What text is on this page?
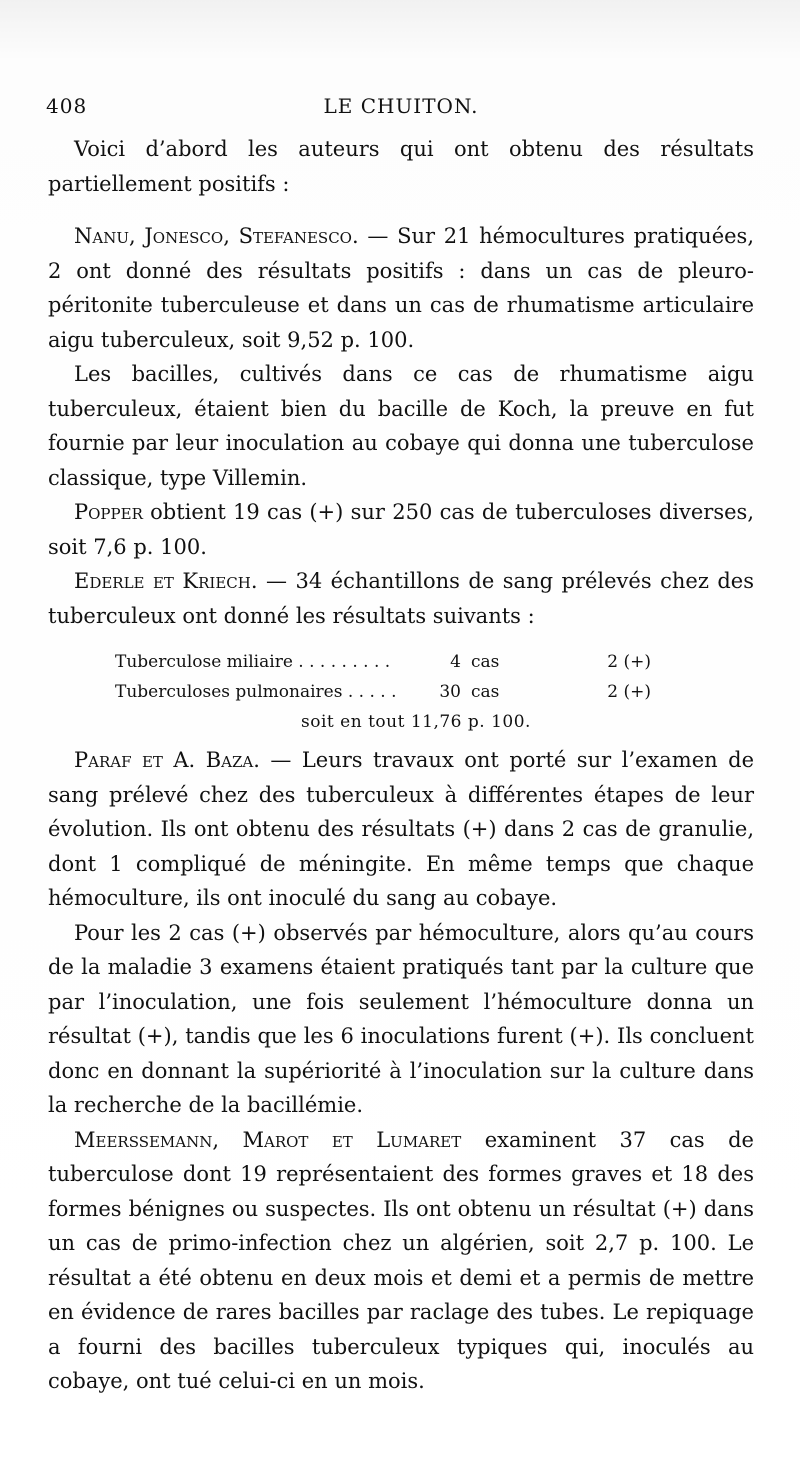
408	LE CHUITON.

Voici d’abord les auteurs qui ont obtenu des résultats partiellement positifs :

Nanu, Jonesco, Stefanesco. — Sur 21 hémocultures pratiquées, 2 ont donné des résultats positifs : dans un cas de pleuro-péritonite tuberculeuse et dans un cas de rhumatisme articulaire aigu tuberculeux, soit 9,52 p. 100.

Les bacilles, cultivés dans ce cas de rhumatisme aigu tuberculeux, étaient bien du bacille de Koch, la preuve en fut fournie par leur inoculation au cobaye qui donna une tuberculose classique, type Villemin.

Popper obtient 19 cas (+) sur 250 cas de tuberculoses diverses, soit 7,6 p. 100.

Ederle et Kriech. — 34 échantillons de sang prélevés chez des tuberculeux ont donné les résultats suivants :

Tuberculose miliaire . . .	4 cas	2 (+)
Tuberculoses pulmonaires . . .	30 cas	2 (+)
soit en tout 11,76 p. 100.

Paraf et A. Baza. — Leurs travaux ont porté sur l’examen de sang prélevé chez des tuberculeux à différentes étapes de leur évolution. Ils ont obtenu des résultats (+) dans 2 cas de granulie, dont 1 compliqué de méningite. En même temps que chaque hémoculture, ils ont inoculé du sang au cobaye.

Pour les 2 cas (+) observés par hémoculture, alors qu’au cours de la maladie 3 examens étaient pratiqués tant par la culture que par l’inoculation, une fois seulement l’hémoculture donna un résultat (+), tandis que les 6 inoculations furent (+). Ils concluent donc en donnant la supériorité à l’inoculation sur la culture dans la recherche de la bacillémie.

Meerssemann, Marot et Lumaret examinent 37 cas de tuberculose dont 19 représentaient des formes graves et 18 des formes bénignes ou suspectes. Ils ont obtenu un résultat (+) dans un cas de primo-infection chez un algérien, soit 2,7 p. 100. Le résultat a été obtenu en deux mois et demi et a permis de mettre en évidence de rares bacilles par raclage des tubes. Le repiquage a fourni des bacilles tuberculeux typiques qui, inoculés au cobaye, ont tué celui-ci en un mois.
